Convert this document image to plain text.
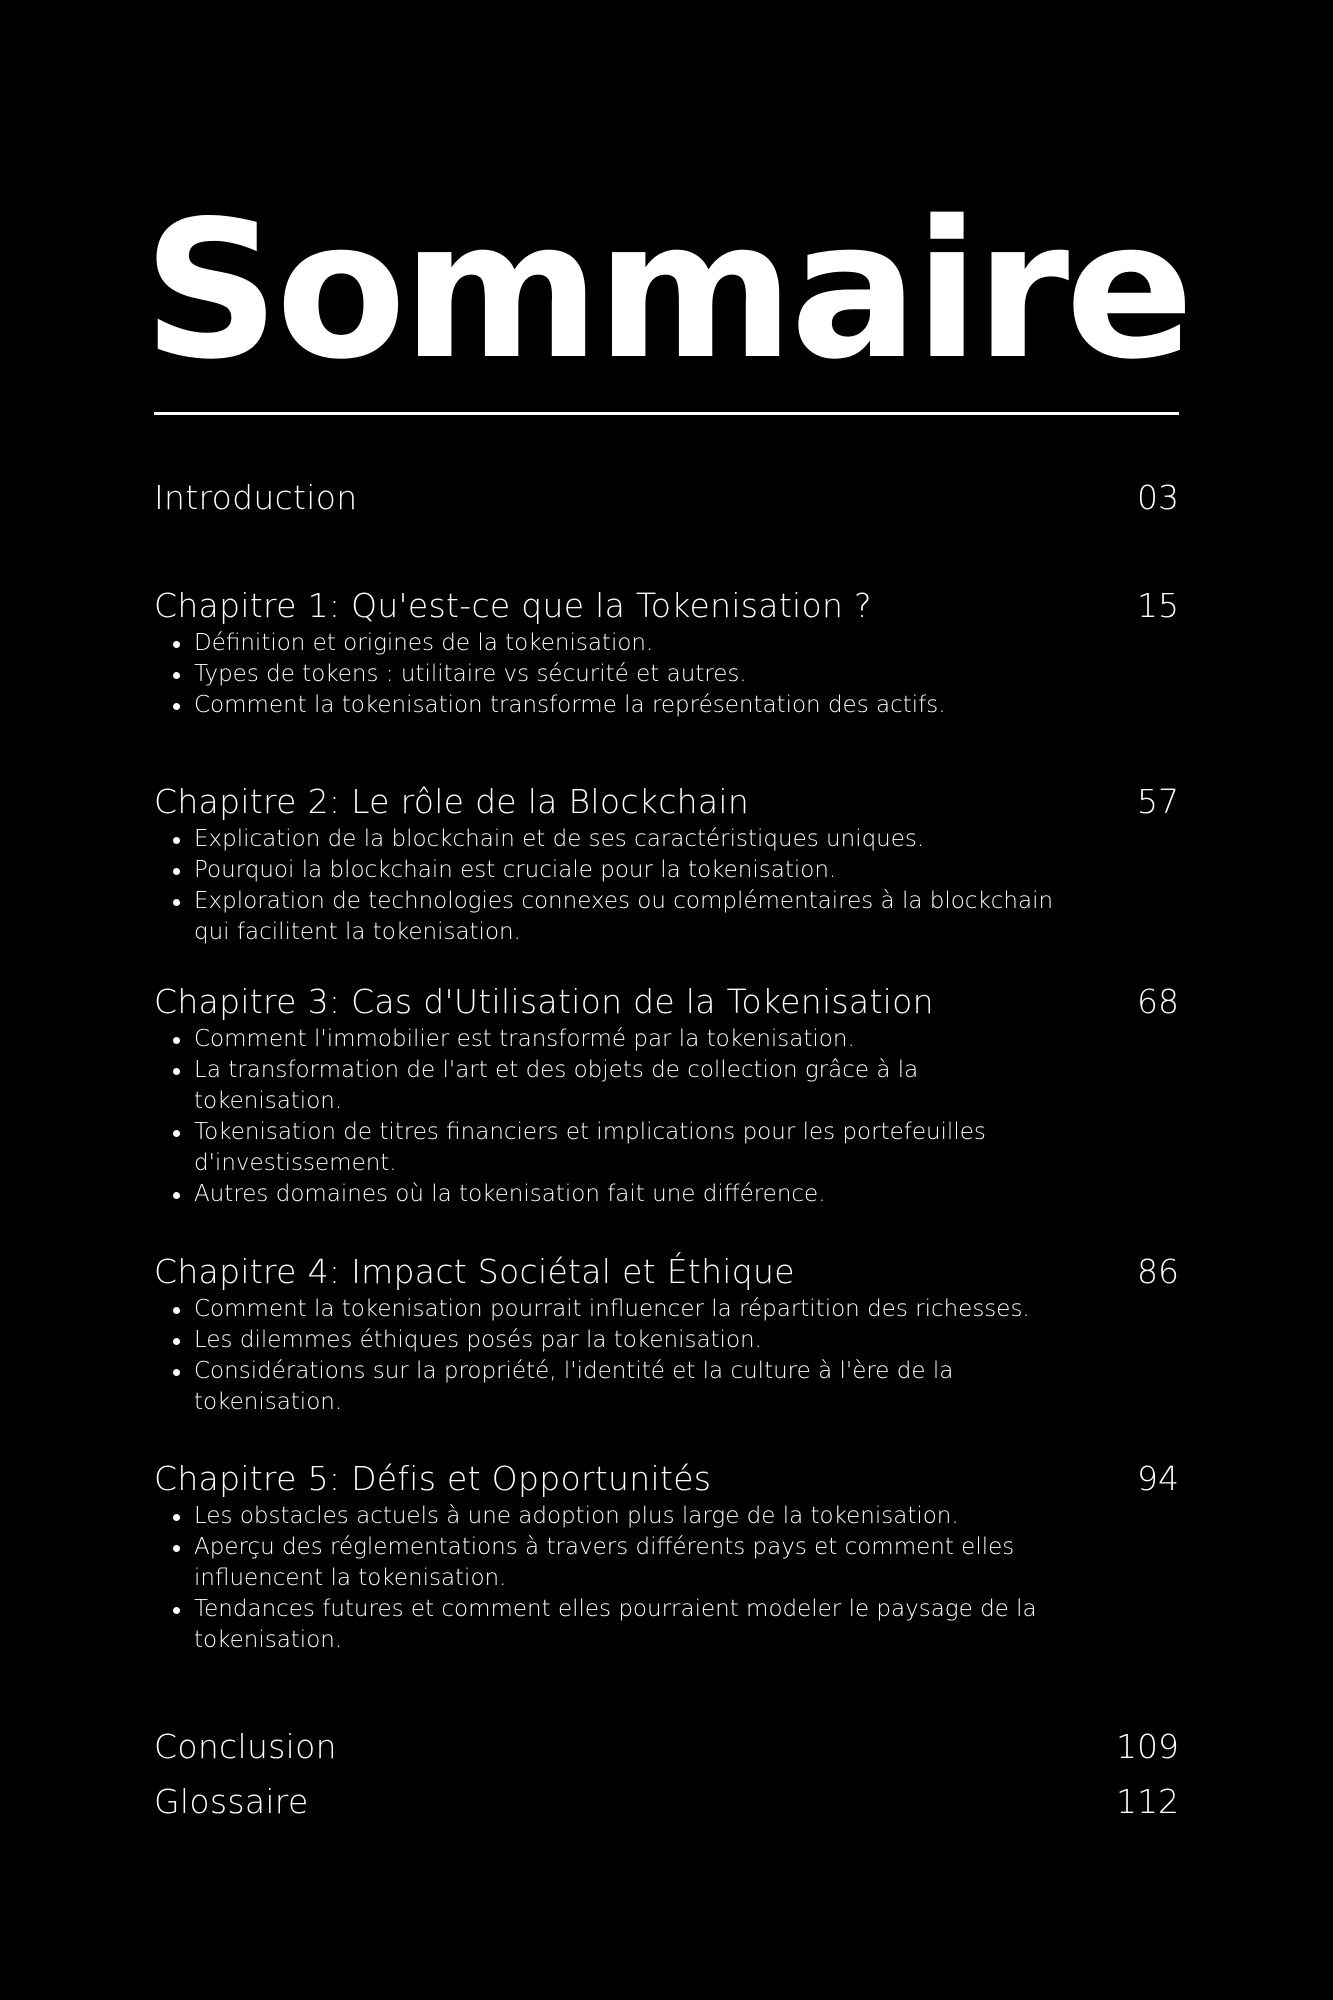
Sommaire
Introduction	03
Chapitre 1: Qu'est-ce que la Tokenisation ?	15
Définition et origines de la tokenisation.
Types de tokens : utilitaire vs sécurité et autres.
Comment la tokenisation transforme la représentation des actifs.
Chapitre 2: Le rôle de la Blockchain	57
Explication de la blockchain et de ses caractéristiques uniques.
Pourquoi la blockchain est cruciale pour la tokenisation.
Exploration de technologies connexes ou complémentaires à la blockchain qui facilitent la tokenisation.
Chapitre 3: Cas d'Utilisation de la Tokenisation	68
Comment l'immobilier est transformé par la tokenisation.
La transformation de l'art et des objets de collection grâce à la tokenisation.
Tokenisation de titres financiers et implications pour les portefeuilles d'investissement.
Autres domaines où la tokenisation fait une différence.
Chapitre 4: Impact Sociétal et Éthique	86
Comment la tokenisation pourrait influencer la répartition des richesses.
Les dilemmes éthiques posés par la tokenisation.
Considérations sur la propriété, l'identité et la culture à l'ère de la tokenisation.
Chapitre 5: Défis et Opportunités	94
Les obstacles actuels à une adoption plus large de la tokenisation.
Aperçu des réglementations à travers différents pays et comment elles influencent la tokenisation.
Tendances futures et comment elles pourraient modeler le paysage de la tokenisation.
Conclusion	109
Glossaire	112
